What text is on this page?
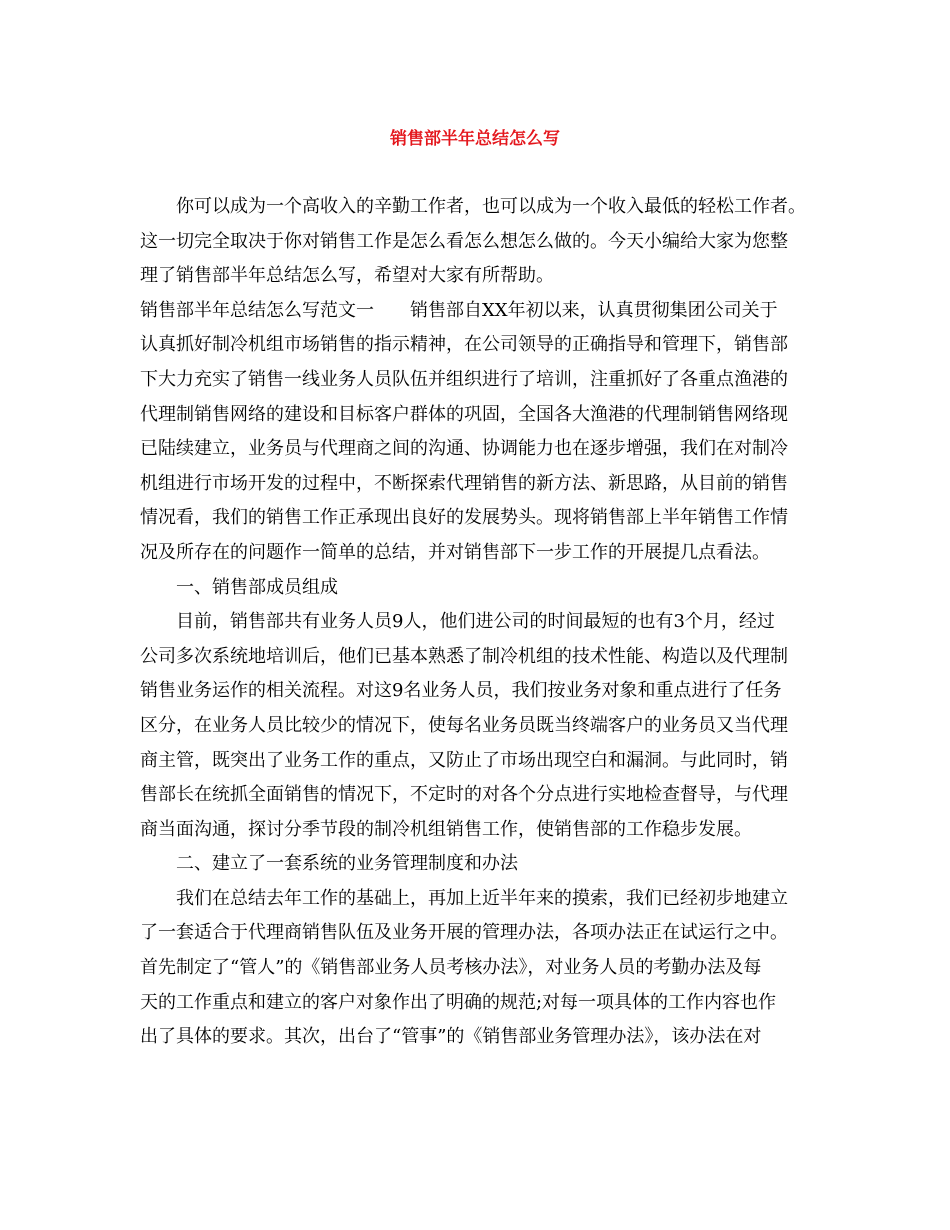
销售部半年总结怎么写
你可以成为一个高收入的辛勤工作者，也可以成为一个收入最低的轻松工作者。
这一切完全取决于你对销售工作是怎么看怎么想怎么做的。今天小编给大家为您整
理了销售部半年总结怎么写，希望对大家有所帮助。
销售部半年总结怎么写范文一　　销售部自XX年初以来，认真贯彻集团公司关于
认真抓好制冷机组市场销售的指示精神，在公司领导的正确指导和管理下，销售部
下大力充实了销售一线业务人员队伍并组织进行了培训，注重抓好了各重点渔港的
代理制销售网络的建设和目标客户群体的巩固，全国各大渔港的代理制销售网络现
已陆续建立，业务员与代理商之间的沟通、协调能力也在逐步增强，我们在对制冷
机组进行市场开发的过程中，不断探索代理销售的新方法、新思路，从目前的销售
情况看，我们的销售工作正承现出良好的发展势头。现将销售部上半年销售工作情
况及所存在的问题作一简单的总结，并对销售部下一步工作的开展提几点看法。
一、销售部成员组成
目前，销售部共有业务人员9人，他们进公司的时间最短的也有3个月，经过
公司多次系统地培训后，他们已基本熟悉了制冷机组的技术性能、构造以及代理制
销售业务运作的相关流程。对这9名业务人员，我们按业务对象和重点进行了任务
区分，在业务人员比较少的情况下，使每名业务员既当终端客户的业务员又当代理
商主管，既突出了业务工作的重点，又防止了市场出现空白和漏洞。与此同时，销
售部长在统抓全面销售的情况下，不定时的对各个分点进行实地检查督导，与代理
商当面沟通，探讨分季节段的制冷机组销售工作，使销售部的工作稳步发展。
二、建立了一套系统的业务管理制度和办法
我们在总结去年工作的基础上，再加上近半年来的摸索，我们已经初步地建立
了一套适合于代理商销售队伍及业务开展的管理办法，各项办法正在试运行之中。
首先制定了“管人”的《销售部业务人员考核办法》，对业务人员的考勤办法及每
天的工作重点和建立的客户对象作出了明确的规范;对每一项具体的工作内容也作
出了具体的要求。其次，出台了“管事”的《销售部业务管理办法》，该办法在对
